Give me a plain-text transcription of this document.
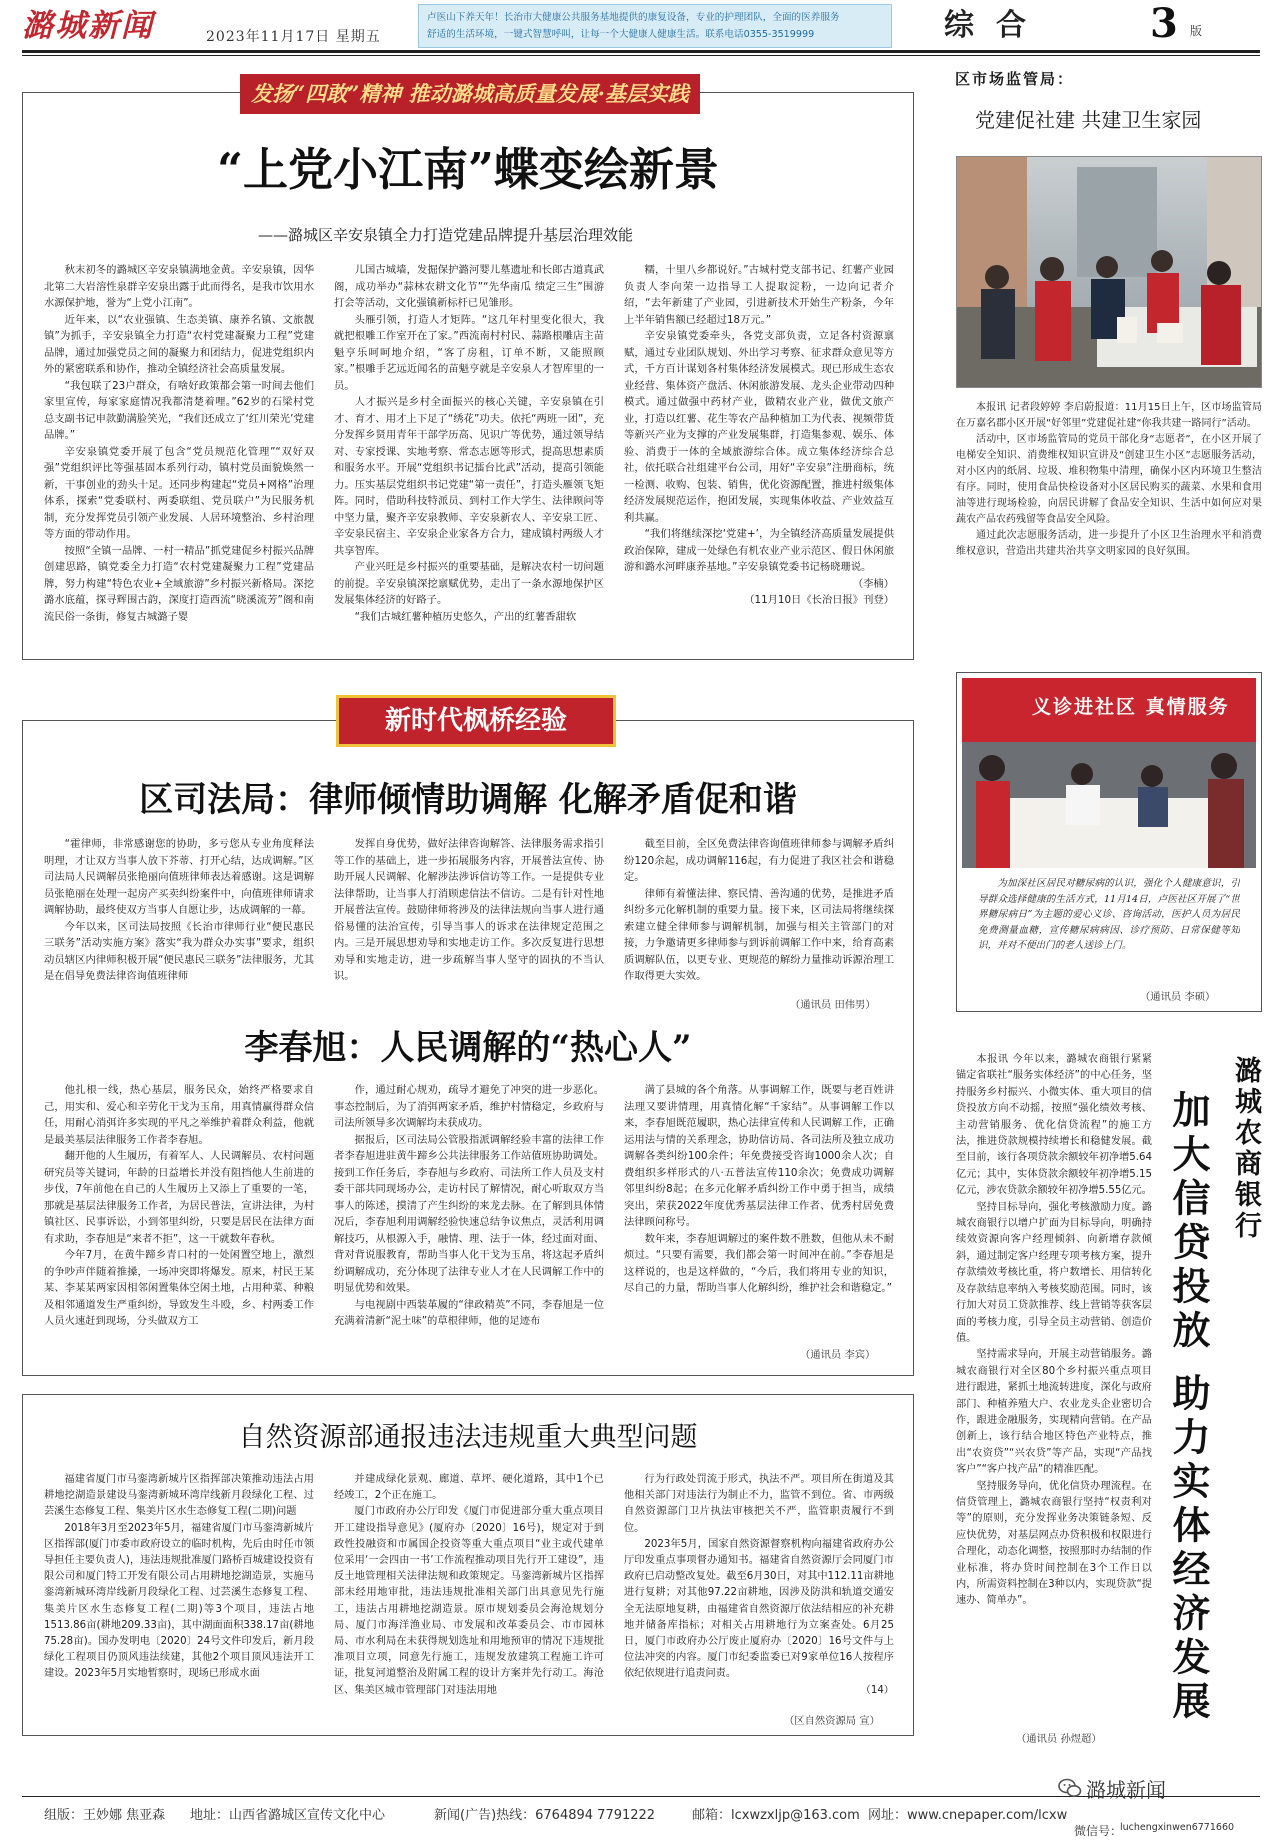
潞城新闻	2023年11月17日 星期五
卢医山下养天年！长治市大健康公共服务基地提供的康复设备，专业的护理团队，全面的医养服务
舒适的生活环境，一键式智慧呼叫，让每一个大健康人健康生活。联系电话0355-3519999	综合	3 版
发扬“四敢”精神 推动潞城高质量发展·基层实践
“上党小江南”蝶变绘新景
——潞城区辛安泉镇全力打造党建品牌提升基层治理效能

秋末初冬的潞城区辛安泉镇满地金黄。辛安泉镇，因华北第二大岩溶性泉群辛安泉出露于此而得名，是我市饮用水水源保护地，誉为“上党小江南”。

近年来，以“农业强镇、生态美镇、康养名镇、文旅靓镇”为抓手，辛安泉镇全力打造“农村党建凝聚力工程”党建品牌，通过加强党员之间的凝聚力和团结力，促进党组织内外的紧密联系和协作，推动全镇经济社会高质量发展。

“我包联了23户群众，有啥好政策都会第一时间去他们家里宣传，每家家庭情况我都清楚着哩。”62岁的石梁村党总支副书记申款勤满脸笑光，“我们还成立了‘红川荣光’党建品牌。”

辛安泉镇党委开展了包含“党员规范化管理”“双好双强”党组织评比等强基固本系列行动，镇村党员面貌焕然一新，干事创业的劲头十足。还同步构建起“党员+网格”治理体系，探索“党委联村、两委联组、党员联户”为民服务机制，充分发挥党员引领产业发展、人居环境整治、乡村治理等方面的带动作用。

按照“全镇一品牌、一村一精品”抓党建促乡村振兴品牌创建思路，镇党委全力打造“农村党建凝聚力工程”党建品牌，努力构建“特色农业+全域旅游”乡村振兴新格局。深挖潞水底蕴，探寻辉围古韵，深度打造西流“晓溪流芳”阁和南流民俗一条街，修复古城潞子婴

儿国古城墙，发掘保护潞河婴儿墓遗址和长郎古道真武阁，成功举办“蒜林农耕文化节”“先华南瓜 绩定三生”围游打会等活动，文化强镇新标杆已见雏形。

头雁引领，打造人才矩阵。“这几年村里变化很大，我就把根雕工作室开在了家。”西流南村村民、蒜路根雕店主苗魁亨乐呵呵地介绍，“客了房租，订单不断，又能照顾家。”根雕手艺远近闻名的苗魁亨就是辛安泉人才智库里的一员。

人才振兴是乡村全面振兴的核心关键，辛安泉镇在引才、育才、用才上下足了“绣花”功夫。依托“两班一团”，充分发挥乡贤用青年干部学历高、见识广等优势，通过领导结对、专家授课、实地考察、常态志愿等形式，提高思想素质和服务水平。开展“党组织书记擂台比武”活动，提高引领能力。压实基层党组织书记党建“第一责任”，打造头雁领飞矩阵。同时，借助科技特派员、到村工作大学生、法律顾问等中坚力量，聚齐辛安泉教师、辛安泉新农人、辛安泉工匠、辛安泉民宿主、辛安泉企业家各方合力，建成镇村两级人才共享智库。

产业兴旺是乡村振兴的重要基础，是解决农村一切问题的前提。辛安泉镇深挖禀赋优势，走出了一条水源地保护区发展集体经济的好路子。

“我们古城红薯种植历史悠久，产出的红薯香甜软

糯，十里八乡都说好。”古城村党支部书记、红薯产业园负责人李向荣一边指导工人提取淀粉，一边向记者介绍，“去年新建了产业园，引进新技术开始生产粉条，今年上半年销售额已经超过18万元。”

辛安泉镇党委牵头，各党支部负责，立足各村资源禀赋，通过专业团队规划、外出学习考察、征求群众意见等方式，千方百计谋划各村集体经济发展模式。现已形成生态农业经营、集体资产盘活、休闲旅游发展、龙头企业带动四种模式。通过做强中药材产业，做精农业产业，做优文旅产业，打造以红薯、花生等农产品种植加工为代表、视频带货等新兴产业为支撑的产业发展集群，打造集参观、娱乐、体验、消费于一体的全域旅游综合体。成立集体经济综合总社，依托联合社组建平台公司，用好“辛安泉”注册商标，统一检测、收购、包装、销售，优化资源配置，推进村级集体经济发展规范运作，抱团发展，实现集体收益、产业效益互利共赢。

“我们将继续深挖‘党建+’，为全镇经济高质量发展提供政治保障，建成一处绿色有机农业产业示范区、假日休闲旅游和潞水河畔康养基地。”辛安泉镇党委书记杨晓珊说。

（李楠）

（11月10日《长治日报》刊登）

区市场监管局：
党建促社建 共建卫生家园

本报讯 记者段婷婷 李启蔚报道：11月15日上午，区市场监管局在万嘉名郡小区开展“好邻里”党建促社建“你我共建一路同行”活动。

活动中，区市场监管局的党员干部化身“志愿者”，在小区开展了电梯安全知识、消费维权知识宣讲及“创建卫生小区”志愿服务活动，对小区内的纸屑、垃圾、堆积物集中清理，确保小区内环境卫生整洁有序。同时，使用食品快检设备对小区居民购买的蔬菜、水果和食用油等进行现场检验，向居民讲解了食品安全知识、生活中如何应对果蔬农产品农药残留等食品安全风险。

通过此次志愿服务活动，进一步提升了小区卫生治理水平和消费维权意识，营造出共建共治共享文明家园的良好氛围。

义诊进社区 真情服务

为加深社区居民对糖尿病的认识，强化个人健康意识，引导群众选择健康的生活方式，11月14日，卢医社区开展了“世界糖尿病日”为主题的爱心义诊、咨询活动，医护人员为居民免费测量血糖，宣传糖尿病病因、诊疗预防、日常保健等知识，并对不便出门的老人送诊上门。

（通讯员 李硕）
新时代枫桥经验
区司法局：律师倾情助调解 化解矛盾促和谐

“霍律师，非常感谢您的协助，多亏您从专业角度释法明理，才让双方当事人放下芥蒂、打开心结，达成调解。”区司法局人民调解员张艳丽向值班律师表达着感谢。这是调解员张艳丽在处理一起房产买卖纠纷案件中，向值班律师请求调解协助，最终使双方当事人自愿让步，达成调解的一幕。

今年以来，区司法局按照《长治市律师行业“便民惠民三联务”活动实施方案》落实“我为群众办实事”要求，组织动员辖区内律师积极开展“便民惠民三联务”法律服务，尤其是在倡导免费法律咨询值班律师

发挥自身优势，做好法律咨询解答、法律服务需求指引等工作的基础上，进一步拓展服务内容，开展普法宣传、协助开展人民调解、化解涉法涉诉信访等工作。一是提供专业法律帮助，让当事人打消顾虑信法不信访。二是有针对性地开展普法宣传。鼓励律师将涉及的法律法规向当事人进行通俗易懂的法治宣传，引导当事人的诉求在法律规定范围之内。三是开展思想劝导和实地走访工作。多次反复进行思想劝导和实地走访，进一步疏解当事人坚守的固执的不当认识。

截至目前，全区免费法律咨询值班律师参与调解矛盾纠纷120余起，成功调解116起，有力促进了我区社会和谐稳定。

律师有着懂法律、察民情、善沟通的优势，是推进矛盾纠纷多元化解机制的重要力量。接下来，区司法局将继续探索建立健全律师参与调解机制，加强与相关主管部门的对接，力争邀请更多律师参与到诉前调解工作中来，给育高素质调解队伍，以更专业、更规范的解纷力量推动诉源治理工作取得更大实效。

（通讯员 田伟男）
李春旭：人民调解的“热心人”

他扎根一线，热心基层，服务民众，始终严格要求自己，用实和、爱心和辛劳化干戈为玉帛，用真情赢得群众信任，用耐心消弭许多实现的平凡之举维护着群众利益，他就是最美基层法律服务工作者李春旭。

翻开他的人生履历，有着军人、人民调解员、农村问题研究员等关键词，年龄的日益增长并没有阻挡他人生前进的步伐，7年前他在自己的人生履历上又添上了重要的一笔，那就是基层法律服务工作者，为居民普法，宣讲法律，为村镇社区、民事诉讼，小到邻里纠纷，只要是居民在法律方面有求助，李春旭是“来者不拒”，这一干就数年春秋。

今年7月，在黄牛蹄乡青口村的一处闲置空地上，激烈的争吵声伴随着推搡，一场冲突即将爆发。原来，村民王某某、李某某两家因相邻闲置集体空闲土地，占用种菜、种粮及相邻通道发生严重纠纷，导致发生斗殴，乡、村两委工作人员火速赶到现场，分头做双方工

作，通过耐心规劝，疏导才避免了冲突的进一步恶化。事态控制后，为了消弭两家矛盾，维护村情稳定，乡政府与司法所领导多次调解均未获成功。

据报后，区司法局公管股指派调解经验丰富的法律工作者李春旭进驻黄牛蹄乡公共法律服务工作站值班协助调处。接到工作任务后，李春旭与乡政府、司法所工作人员及支村委干部共同现场办公，走访村民了解情况，耐心听取双方当事人的陈述，摸清了产生纠纷的来龙去脉。在了解到具体情况后，李春旭利用调解经验快速总结争议焦点，灵活利用调解技巧，从根源入手，融情、理、法于一体，经过面对面、背对背说服教育，帮助当事人化干戈为玉帛，将这起矛盾纠纷调解成功，充分体现了法律专业人才在人民调解工作中的明显优势和效果。

与电视剧中西装革履的“律政精英”不同，李春旭是一位充满着清新“泥土味”的草根律师，他的足迹布

满了县城的各个角落。从事调解工作，既要与老百姓讲法理又要讲情理，用真情化解“千家结”。从事调解工作以来，李春旭既范履职，热心法律宣传和人民调解工作，正确运用法与情的关系理念，协助信访局、各司法所及独立成功调解各类纠纷100余件；年免费接受咨询1000余人次；自费组织多样形式的八·五普法宣传110余次；免费成功调解邻里纠纷8起；在多元化解矛盾纠纷工作中勇于担当，成绩突出，荣获2022年度优秀基层法律工作者、优秀村居免费法律顾问称号。

数年来，李春旭调解过的案件数不胜数，但他从未不耐烦过。“只要有需要，我们都会第一时间冲在前。”李春旭是这样说的，也是这样做的，“今后，我们将用专业的知识，尽自己的力量，帮助当事人化解纠纷，维护社会和谐稳定。”

（通讯员 李宾）

本报讯 今年以来，潞城农商银行紧紧锚定省联社“服务实体经济”的中心任务，坚持服务乡村振兴、小微实体、重大项目的信贷投放方向不动摇，按照“强化绩效考核、主动营销服务、优化信贷流程”的施工方法，推进贷款规模持续增长和稳健发展。截至目前，该行各项贷款余额较年初净增5.64亿元；其中，实体贷款余额较年初净增5.15亿元，涉农贷款余额较年初净增5.55亿元。

坚持目标导向，强化考核激励力度。潞城农商银行以增户扩面为目标导向，明确持续效资源向客户经理倾斜、向新增存款倾斜，通过制定客户经理专项考核方案，提升存款绩效考核比重，将户数增长、用信转化及存款结息率纳入考核奖励范围。同时，该行加大对员工贷款推荐、线上营销等获客层面的考核力度，引导全员主动营销、创造价值。

坚持需求导向，开展主动营销服务。潞城农商银行对全区80个乡村振兴重点项目进行跟进，紧抓土地流转进度，深化与政府部门、种植养殖大户、农业龙头企业密切合作，跟进金融服务，实现精向营销。在产品创新上，该行结合地区特色产业特点，推出“农资贷”“兴农贷”等产品，实现“产品找客户”“客户找产品”的精准匹配。

坚持服务导向，优化信贷办理流程。在信贷管理上，潞城农商银行坚持“权责利对等”的原则，充分发挥业务决策链条短、反应快优势，对基层网点办贷积极和权限进行合理化，动态化调整，按照那时办结制的作业标准，将办贷时间控制在3个工作日以内，所需资料控制在3种以内，实现贷款“提速办、简单办”。

（通讯员 孙煜超）
潞城农商银行
加大信贷投放 助力实体经济发展
自然资源部通报违法违规重大典型问题

福建省厦门市马銮湾新城片区指挥部决策推动违法占用耕地挖湖造景建设马銮湾新城环湾岸线新月段绿化工程、过芸溪生态修复工程、集美片区水生态修复工程(二期)问题

2018年3月至2023年5月，福建省厦门市马銮湾新城片区指挥部(厦门市委市政府设立的临时机构，先后由时任市领导担任主要负责人)，违法违规批准厦门路桥百城建设投资有限公司和厦门特工开发有限公司占用耕地挖湖造景，实施马銮湾新城环湾岸线新月段绿化工程、过芸溪生态修复工程、集美片区水生态修复工程(二期)等3个项目，违法占地1513.86亩(耕地209.33亩)，其中湖面面积338.17亩(耕地75.28亩)。国办发明电〔2020〕24号文件印发后，新月段绿化工程项目仍顶风违法续建，其他2个项目顶风违法开工建设。2023年5月实地暂察时，现场已形成水面

并建成绿化景观、廊道、草坪、硬化道路，其中1个已经竣工，2个正在施工。

厦门市政府办公厅印发《厦门市促进部分重大重点项目开工建设指导意见》(厦府办〔2020〕16号)，规定对于到政性投融资和市属国企投资等重大重点项目“业主或代建单位采用‘一会四由一书’工作流程推动项目先行开工建设”，违反土地管理相关法律法规和政策规定。马銮湾新城片区指挥部未经用地审批，违法违规批准相关部门出具意见先行施工，违法占用耕地挖湖造景。原市规划委员会海沧规划分局、厦门市海洋渔业局、市发展和改革委员会、市市园林局、市水利局在未获得规划选址和用地预审的情况下违规批准项目立项，同意先行施工，违规发放建筑工程施工许可证，批复河道整治及附属工程的设计方案并先行动工。海沧区、集美区城市管理部门对违法用地

行为行政处罚流于形式，执法不严。项目所在街道及其他相关部门对违法行为制止不力，监管不到位。省、市两级自然资源部门卫片执法审核把关不严，监管职责履行不到位。

2023年5月，国家自然资源督察机构向福建省政府办公厅印发重点事项督办通知书。福建省自然资源厅会同厦门市政府已启动整改复处。截至6月30日，对其中112.11亩耕地进行复耕；对其他97.22亩耕地，因涉及防洪和轨道交通安全无法原地复耕，由福建省自然资源厅依法结相应的补充耕地并储备库指标；对相关占用耕地行为立案查处。6月25日，厦门市政府办公厅废止厦府办〔2020〕16号文件与上位法冲突的内容。厦门市纪委监委已对9家单位16人按程序依纪依规进行追责问责。

（14）

（区自然资源局 宣）
组版：王妙娜 焦亚森 地址：山西省潞城区宣传文化中心	新闻(广告)热线：6764894 7791222	邮箱：lcxwzxljp@163.com 网址：www.cnepaper.com/lcxw
微信号：
luchengxinwen6771660
潞城新闻
